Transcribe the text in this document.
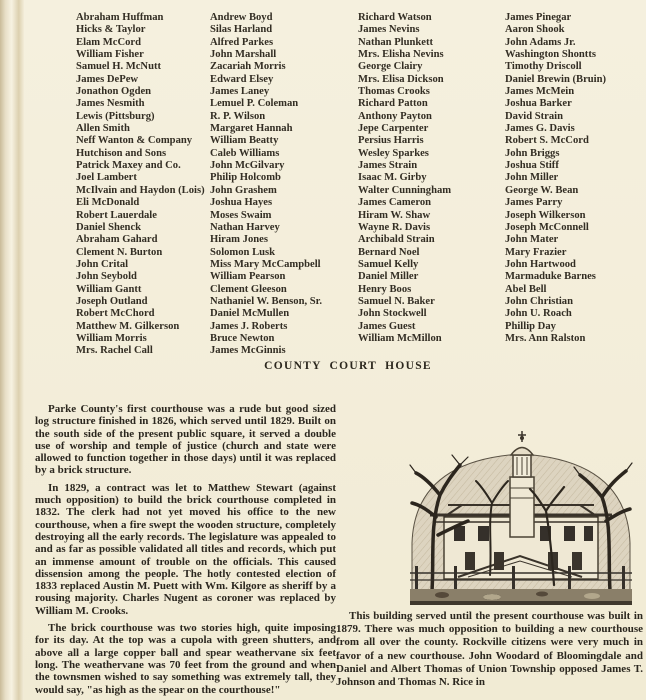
Abraham Huffman
Hicks & Taylor
Elam McCord
William Fisher
Samuel H. McNutt
James DePew
Jonathon Ogden
James Nesmith
Lewis (Pittsburg)
Allen Smith
Neff Wanton & Company
Hutchison and Sons
Patrick Maxey and Co.
Joel Lambert
McIlvain and Haydon (Lois)
Eli McDonald
Robert Lauerdale
Daniel Shenck
Abraham Gahard
Clement N. Burton
John Crital
John Seybold
William Gantt
Joseph Outland
Robert McChord
Matthew M. Gilkerson
William Morris
Mrs. Rachel Call
Andrew Boyd
Silas Harland
Alfred Parkes
John Marshall
Zacariah Morris
Edward Elsey
James Laney
Lemuel P. Coleman
R. P. Wilson
Margaret Hannah
William Beatty
Caleb Williams
John McGilvary
Philip Holcomb
John Grashem
Joshua Hayes
Moses Swaim
Nathan Harvey
Hiram Jones
Solomon Lusk
Miss Mary McCampbell
William Pearson
Clement Gleeson
Nathaniel W. Benson, Sr.
Daniel McMullen
James J. Roberts
Bruce Newton
James McGinnis
Richard Watson
James Nevins
Nathan Plunkett
Mrs. Elisha Nevins
George Clairy
Mrs. Elisa Dickson
Thomas Crooks
Richard Patton
Anthony Payton
Jepe Carpenter
Persius Harris
Wesley Sparkes
James Strain
Isaac M. Girby
Walter Cunningham
James Cameron
Hiram W. Shaw
Wayne R. Davis
Archibald Strain
Bernard Noel
Samuel Kelly
Daniel Miller
Henry Boos
Samuel N. Baker
John Stockwell
James Guest
William McMillon
James Pinegar
Aaron Shook
John Adams Jr.
Washington Shontts
Timothy Driscoll
Daniel Brewin (Bruin)
James McMein
Joshua Barker
David Strain
James G. Davis
Robert S. McCord
John Briggs
Joshua Stiff
John Miller
George W. Bean
James Parry
Joseph Wilkerson
Joseph McConnell
John Mater
Mary Frazier
John Hartwood
Marmaduke Barnes
Abel Bell
John Christian
John U. Roach
Phillip Day
Mrs. Ann Ralston
COUNTY COURT HOUSE

Parke County's first courthouse was a rude but good sized log structure finished in 1826, which served until 1829. Built on the south side of the present public square, it served a double use of worship and temple of justice (church and state were allowed to function together in those days) until it was replaced by a brick structure.

In 1829, a contract was let to Matthew Stewart (against much opposition) to build the brick courthouse completed in 1832. The clerk had not yet moved his office to the new courthouse, when a fire swept the wooden structure, completely destroying all the early records. The legislature was appealed to and as far as possible validated all titles and records, which put an immense amount of trouble on the officials. This caused dissension among the people. The hotly contested election of 1833 replaced Austin M. Puett with Wm. Kilgore as sheriff by a rousing majority. Charles Nugent as coroner was replaced by William M. Crooks.

The brick courthouse was two stories high, quite imposing for its day. At the top was a cupola with green shutters, and above all a large copper ball and spear weathervane six feet long. The weathervane was 70 feet from the ground and when the townsmen wished to say something was extremely tall, they would say, "as high as the spear on the courthouse!"

This building served until the present courthouse was built in 1879. There was much opposition to building a new courthouse from all over the county. Rockville citizens were very much in favor of a new courthouse. John Woodard of Bloomingdale and Daniel and Albert Thomas of Union Township opposed James T. Johnson and Thomas N. Rice in
